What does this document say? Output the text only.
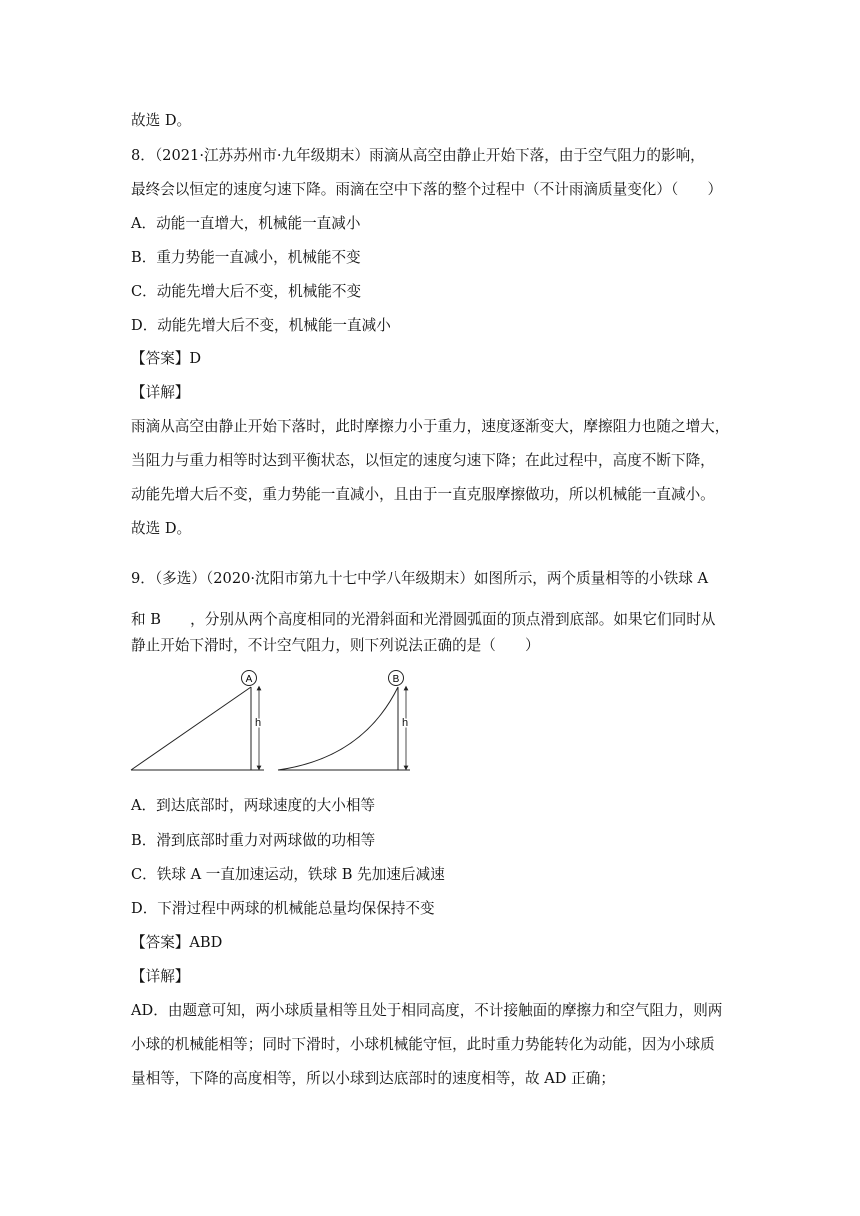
故选 D。
8．（2021·江苏苏州市·九年级期末）雨滴从高空由静止开始下落，由于空气阻力的影响，
最终会以恒定的速度匀速下降。雨滴在空中下落的整个过程中（不计雨滴质量变化）（　　）
A．动能一直增大，机械能一直减小
B．重力势能一直减小，机械能不变
C．动能先增大后不变，机械能不变
D．动能先增大后不变，机械能一直减小
【答案】D
【详解】
雨滴从高空由静止开始下落时，此时摩擦力小于重力，速度逐渐变大，摩擦阻力也随之增大，
当阻力与重力相等时达到平衡状态，以恒定的速度匀速下降；在此过程中，高度不断下降，
动能先增大后不变，重力势能一直减小，且由于一直克服摩擦做功，所以机械能一直减小。
故选 D。
9．（多选）（2020·沈阳市第九十七中学八年级期末）如图所示，两个质量相等的小铁球 A
和 B　　，分别从两个高度相同的光滑斜面和光滑圆弧面的顶点滑到底部。如果它们同时从
静止开始下滑时，不计空气阻力，则下列说法正确的是（　　）
A
h
B
h
A．到达底部时，两球速度的大小相等
B．滑到底部时重力对两球做的功相等
C．铁球 A 一直加速运动，铁球 B 先加速后减速
D．下滑过程中两球的机械能总量均保保持不变
【答案】ABD
【详解】
AD．由题意可知，两小球质量相等且处于相同高度，不计接触面的摩擦力和空气阻力，则两
小球的机械能相等；同时下滑时，小球机械能守恒，此时重力势能转化为动能，因为小球质
量相等，下降的高度相等，所以小球到达底部时的速度相等，故 AD 正确；
